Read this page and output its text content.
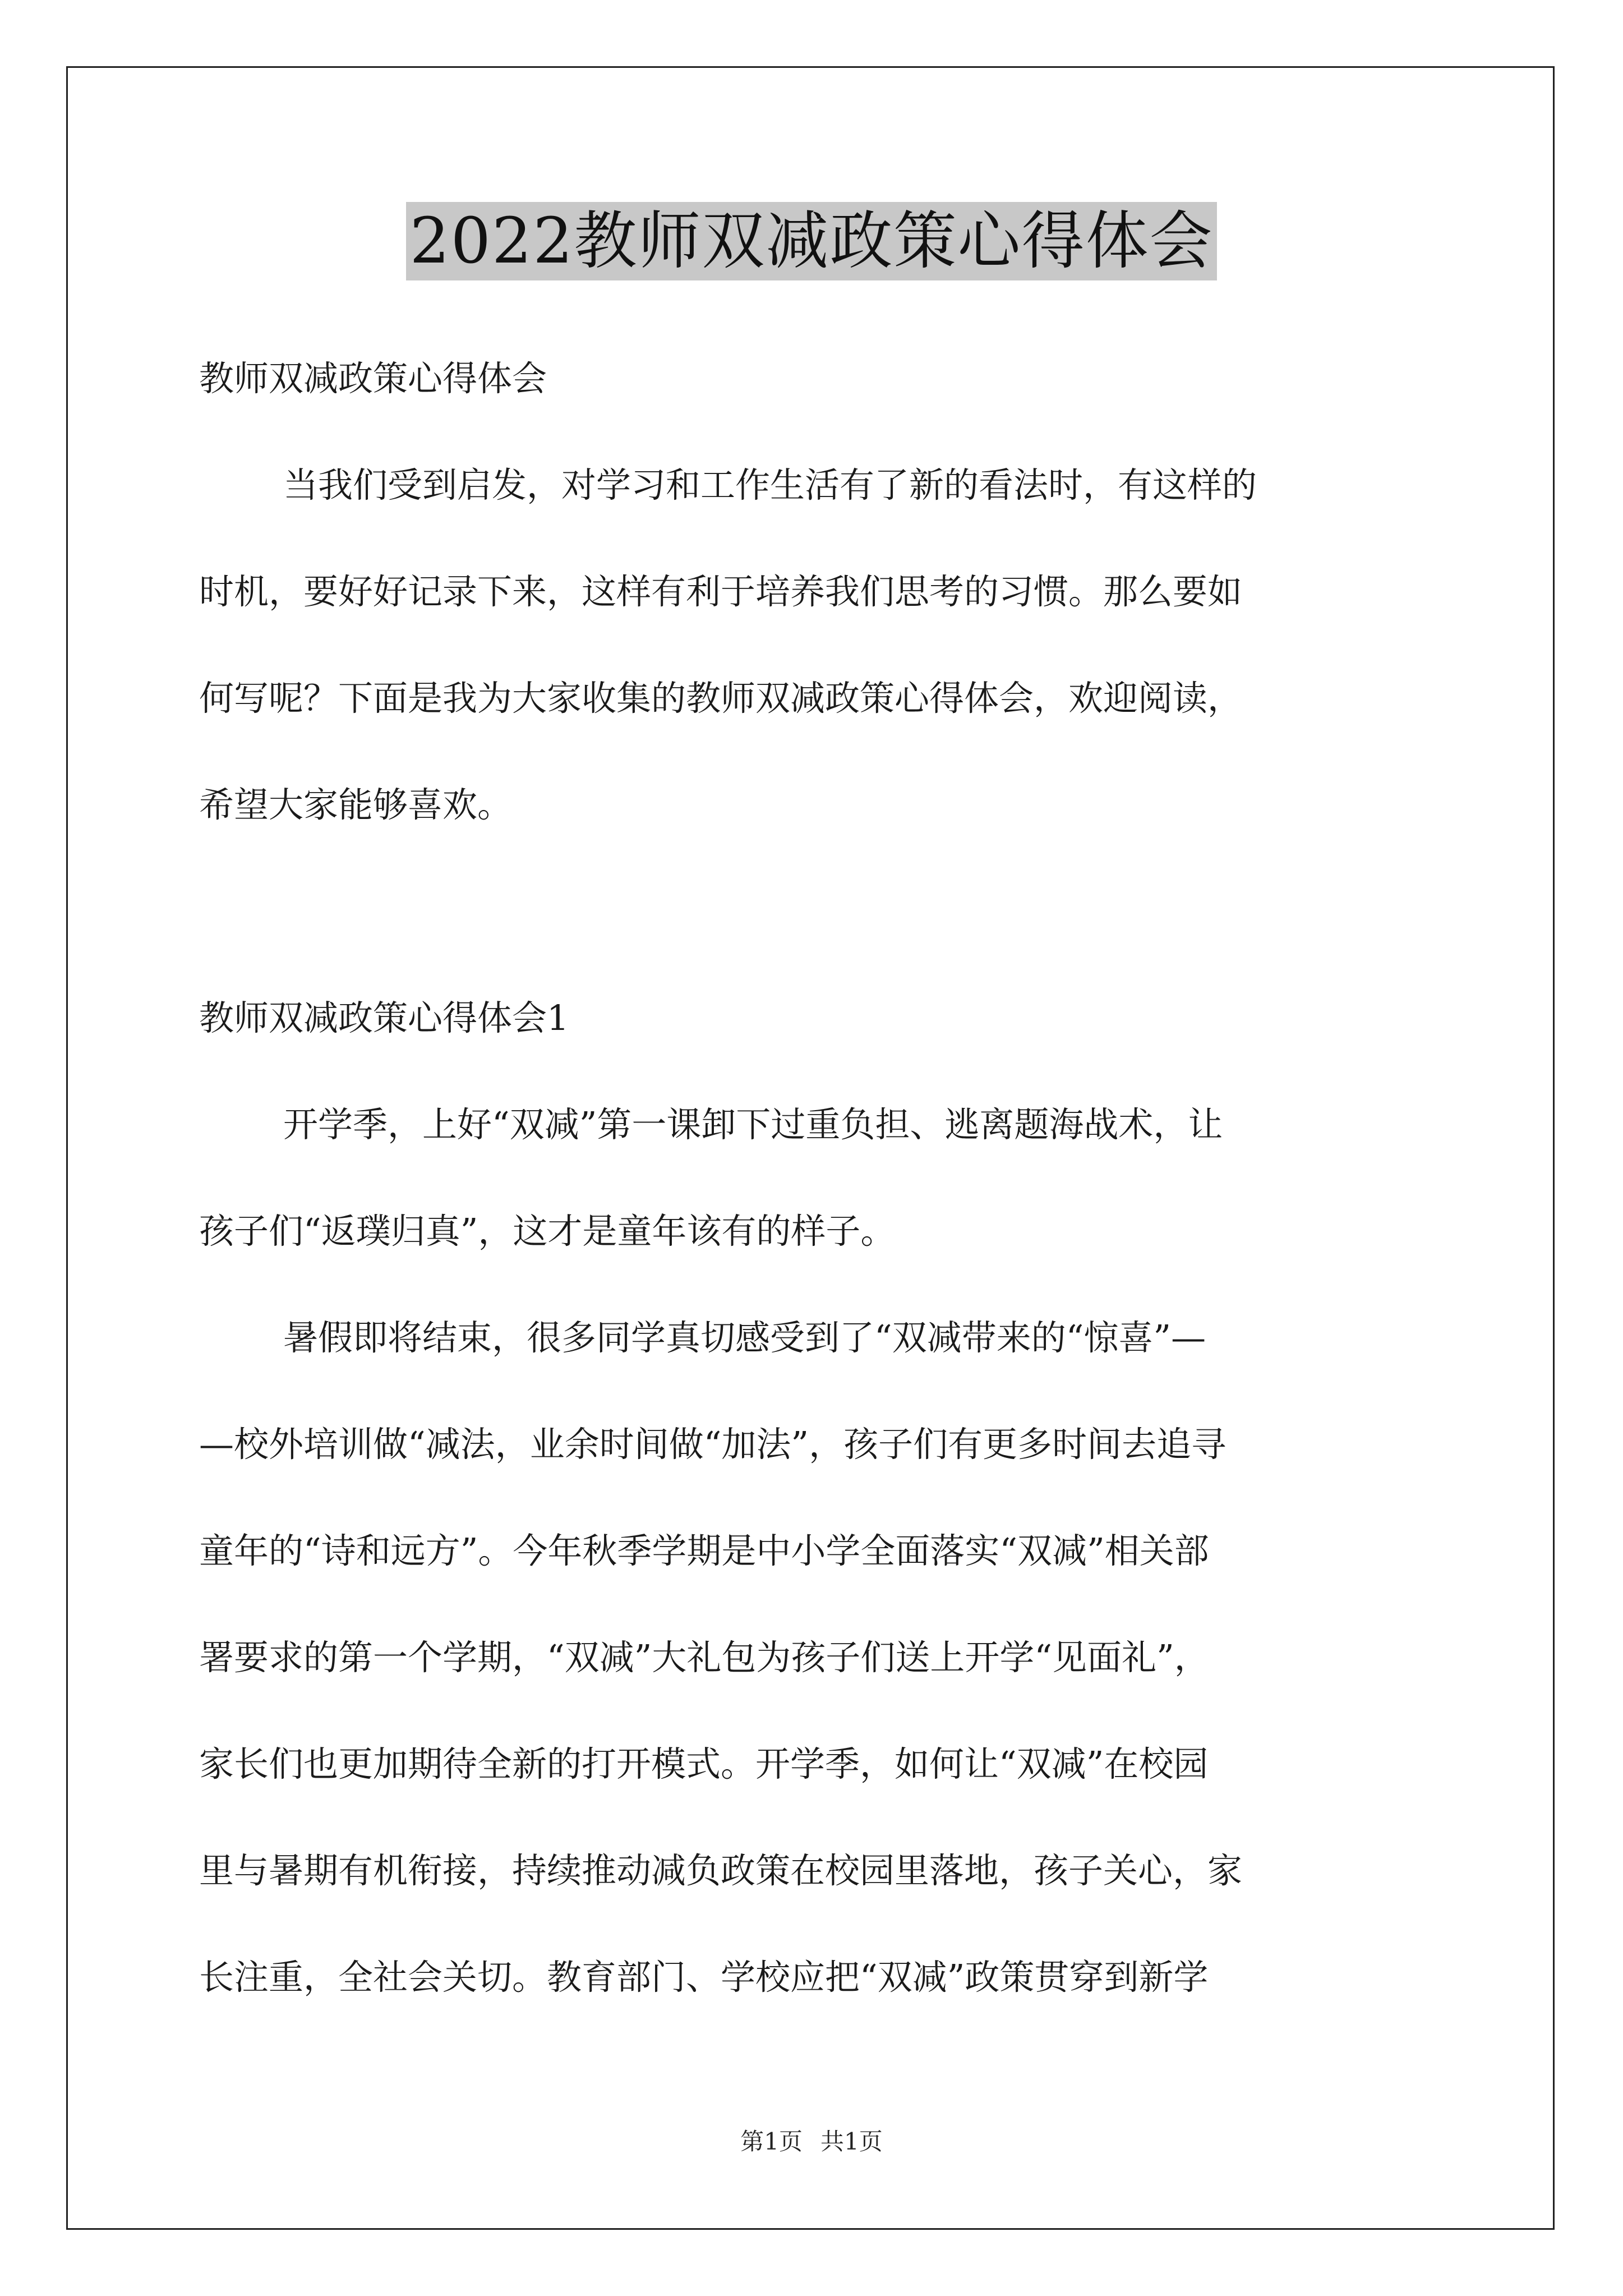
2022教师双减政策心得体会
教师双减政策心得体会
当我们受到启发，对学习和工作生活有了新的看法时，有这样的
时机，要好好记录下来，这样有利于培养我们思考的习惯。那么要如
何写呢？下面是我为大家收集的教师双减政策心得体会，欢迎阅读，
希望大家能够喜欢。
教师双减政策心得体会1
开学季，上好“双减”第一课卸下过重负担、逃离题海战术，让
孩子们“返璞归真”，这才是童年该有的样子。
暑假即将结束，很多同学真切感受到了“双减带来的“惊喜”—
—校外培训做“减法，业余时间做“加法”，孩子们有更多时间去追寻
童年的“诗和远方”。今年秋季学期是中小学全面落实“双减”相关部
署要求的第一个学期，“双减”大礼包为孩子们送上开学“见面礼”，
家长们也更加期待全新的打开模式。开学季，如何让“双减”在校园
里与暑期有机衔接，持续推动减负政策在校园里落地，孩子关心，家
长注重，全社会关切。教育部门、学校应把“双减”政策贯穿到新学
第1页 共1页
